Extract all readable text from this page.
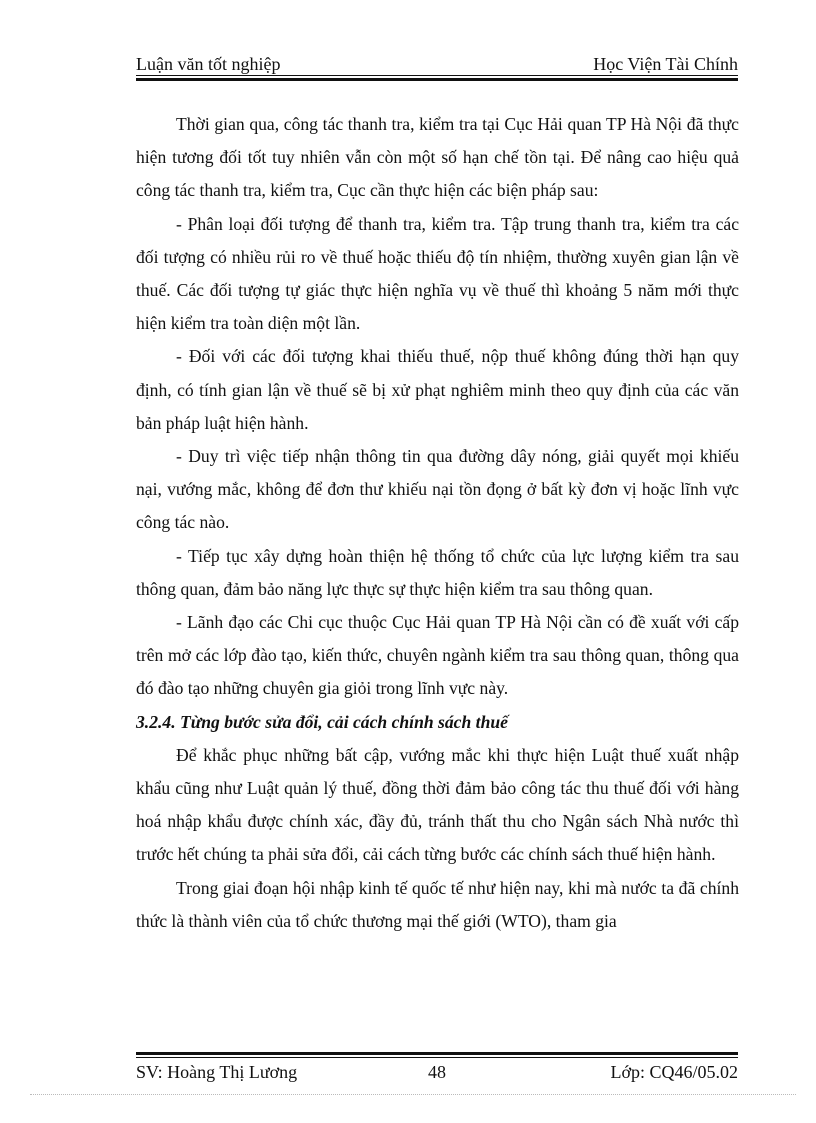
Luận văn tốt nghiệp	Học Viện Tài Chính

Thời gian qua, công tác thanh tra, kiểm tra tại Cục Hải quan TP Hà Nội đã thực hiện tương đối tốt tuy nhiên vẫn còn một số hạn chế tồn tại. Để nâng cao hiệu quả công tác thanh tra, kiểm tra, Cục cần thực hiện các biện pháp sau:

- Phân loại đối tượng để thanh tra, kiểm tra. Tập trung thanh tra, kiểm tra các đối tượng có nhiều rủi ro về thuế hoặc thiếu độ tín nhiệm, thường xuyên gian lận về thuế. Các đối tượng tự giác thực hiện nghĩa vụ về thuế thì khoảng 5 năm mới thực hiện kiểm tra toàn diện một lần.

- Đối với các đối tượng khai thiếu thuế, nộp thuế không đúng thời hạn quy định, có tính gian lận về thuế sẽ bị xử phạt nghiêm minh theo quy định của các văn bản pháp luật hiện hành.

- Duy trì việc tiếp nhận thông tin qua đường dây nóng, giải quyết mọi khiếu nại, vướng mắc, không để đơn thư khiếu nại tồn đọng ở bất kỳ đơn vị hoặc lĩnh vực công tác nào.

- Tiếp tục xây dựng hoàn thiện hệ thống tổ chức của lực lượng kiểm tra sau thông quan, đảm bảo năng lực thực sự thực hiện kiểm tra sau thông quan.

- Lãnh đạo các Chi cục thuộc Cục Hải quan TP Hà Nội cần có đề xuất với cấp trên mở các lớp đào tạo, kiến thức, chuyên ngành kiểm tra sau thông quan, thông qua đó đào tạo những chuyên gia giỏi trong lĩnh vực này.

3.2.4. Từng bước sửa đổi, cải cách chính sách thuế

Để khắc phục những bất cập, vướng mắc khi thực hiện Luật thuế xuất nhập khẩu cũng như Luật quản lý thuế, đồng thời đảm bảo công tác thu thuế đối với hàng hoá nhập khẩu được chính xác, đầy đủ, tránh thất thu cho Ngân sách Nhà nước thì trước hết chúng ta phải sửa đổi, cải cách từng bước các chính sách thuế hiện hành.

Trong giai đoạn hội nhập kinh tế quốc tế như hiện nay, khi mà nước ta đã chính thức là thành viên của tổ chức thương mại thế giới (WTO), tham gia

SV: Hoàng Thị Lương	48	Lớp: CQ46/05.02
